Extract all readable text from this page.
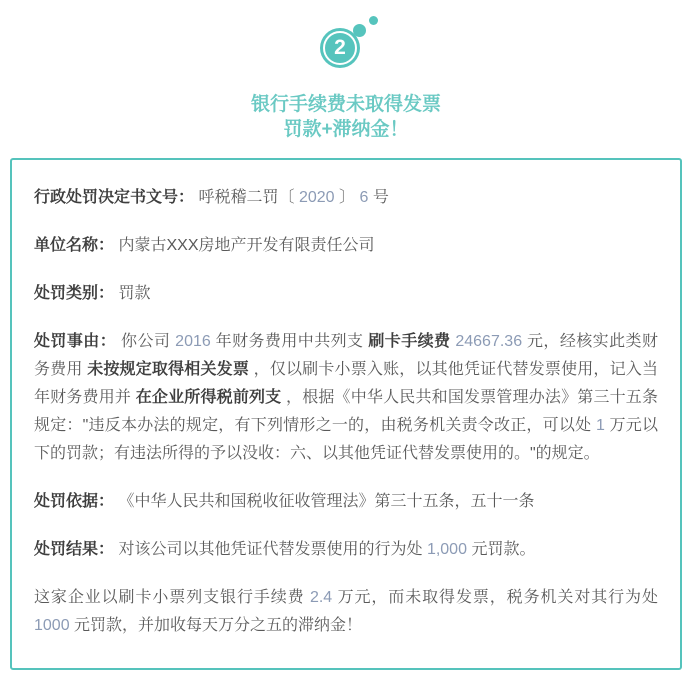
2
银行手续费未取得发票
罚款+滞纳金！

行政处罚决定书文号： 呼税稽二罚〔 2020 〕 6 号

单位名称： 内蒙古XXX房地产开发有限责任公司

处罚类别： 罚款

处罚事由： 你公司 2016 年财务费用中共列支 刷卡手续费 24667.36 元，经核实此类财务费用 未按规定取得相关发票 ，仅以刷卡小票入账，以其他凭证代替发票使用，记入当年财务费用并 在企业所得税前列支 ，根据《中华人民共和国发票管理办法》第三十五条规定："违反本办法的规定，有下列情形之一的，由税务机关责令改正，可以处 1 万元以下的罚款；有违法所得的予以没收：六、以其他凭证代替发票使用的。"的规定。

处罚依据： 《中华人民共和国税收征收管理法》第三十五条，五十一条

处罚结果： 对该公司以其他凭证代替发票使用的行为处 1,000 元罚款。

这家企业以刷卡小票列支银行手续费 2.4 万元，而未取得发票，税务机关对其行为处 1000 元罚款，并加收每天万分之五的滞纳金！
